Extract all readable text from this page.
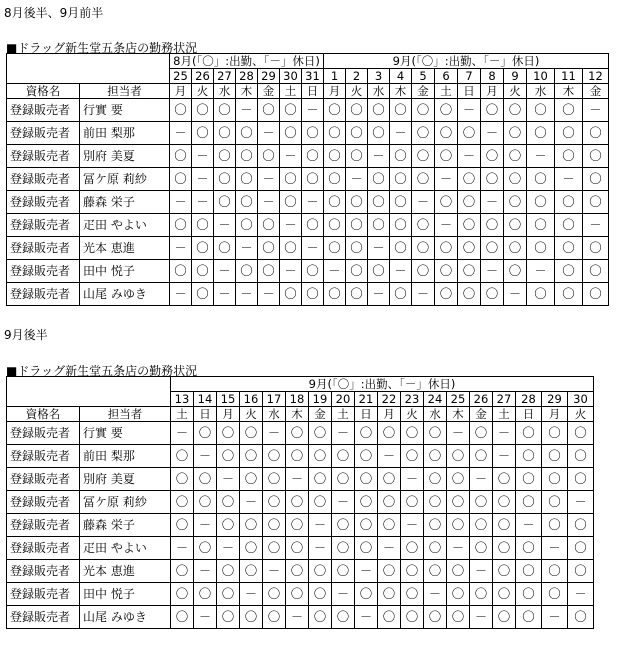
8月後半、9月前半
■ドラッグ新生堂五条店の勤務状況
		8月(「〇」:出勤、「－」休日)							9月(「〇」:出勤、「－」休日)											
		25	26	27	28	29	30	31	1	2	3	4	5	6	7	8	9	10	11	12
資格名	担当者	月	火	水	木	金	土	日	月	火	水	木	金	土	日	月	火	水	木	金
登録販売者	行實 要	〇	〇	〇	－	〇	〇	－	〇	〇	〇	〇	〇	〇	－	〇	〇	〇	〇	－
登録販売者	前田 梨那	－	〇	〇	〇	－	〇	〇	〇	〇	〇	－	〇	〇	〇	－	〇	〇	〇	〇
登録販売者	別府 美夏	〇	－	〇	〇	〇	－	〇	〇	〇	－	〇	〇	〇	－	〇	〇	－	〇	〇
登録販売者	冨ケ原 莉紗	〇	－	〇	〇	－	〇	〇	〇	－	〇	〇	〇	－	〇	〇	〇	〇	－	〇
登録販売者	藤森 栄子	－	－	〇	〇	－	〇	－	〇	〇	〇	〇	－	〇	〇	－	〇	〇	〇	〇
登録販売者	疋田 やよい	〇	〇	－	〇	〇	－	〇	〇	〇	〇	〇	〇	－	〇	〇	〇	〇	〇	－
登録販売者	光本 恵進	－	〇	〇	－	〇	〇	－	〇	〇	－	〇	〇	〇	〇	〇	〇	〇	〇	〇
登録販売者	田中 悦子	〇	〇	－	〇	〇	－	〇	－	〇	〇	－	〇	〇	〇	－	〇	－	〇	〇
登録販売者	山尾 みゆき	－	〇	－	－	－	〇	〇	〇	〇	－	〇	－	〇	〇	〇	－	〇	〇	〇
9月後半
■ドラッグ新生堂五条店の勤務状況
		9月(「〇」:出勤、「－」休日)																	
		13	14	15	16	17	18	19	20	21	22	23	24	25	26	27	28	29	30
資格名	担当者	土	日	月	火	水	木	金	土	日	月	火	水	木	金	土	日	月	火
登録販売者	行實 要	－	〇	〇	〇	－	〇	〇	－	〇	〇	〇	〇	－	〇	－	〇	〇	〇
登録販売者	前田 梨那	〇	－	〇	〇	〇	〇	〇	〇	〇	－	〇	〇	〇	〇	－	〇	〇	〇
登録販売者	別府 美夏	〇	〇	－	〇	〇	－	〇	〇	〇	〇	－	〇	〇	－	〇	〇	〇	〇
登録販売者	冨ケ原 莉紗	〇	〇	〇	－	〇	〇	〇	－	〇	〇	〇	〇	〇	〇	〇	〇	〇	－
登録販売者	藤森 栄子	〇	－	〇	〇	〇	〇	－	〇	〇	〇	－	〇	〇	〇	〇	－	〇	〇
登録販売者	疋田 やよい	－	〇	－	〇	〇	〇	－	〇	〇	－	〇	〇	－	〇	〇	〇	－	〇
登録販売者	光本 恵進	〇	－	〇	〇	－	〇	〇	〇	－	〇	〇	〇	〇	－	〇	〇	〇	〇
登録販売者	田中 悦子	〇	〇	〇	－	〇	〇	〇	－	〇	〇	〇	－	〇	〇	〇	〇	〇	－
登録販売者	山尾 みゆき	〇	－	〇	〇	〇	－	〇	〇	－	〇	〇	〇	〇	－	〇	〇	－	〇
